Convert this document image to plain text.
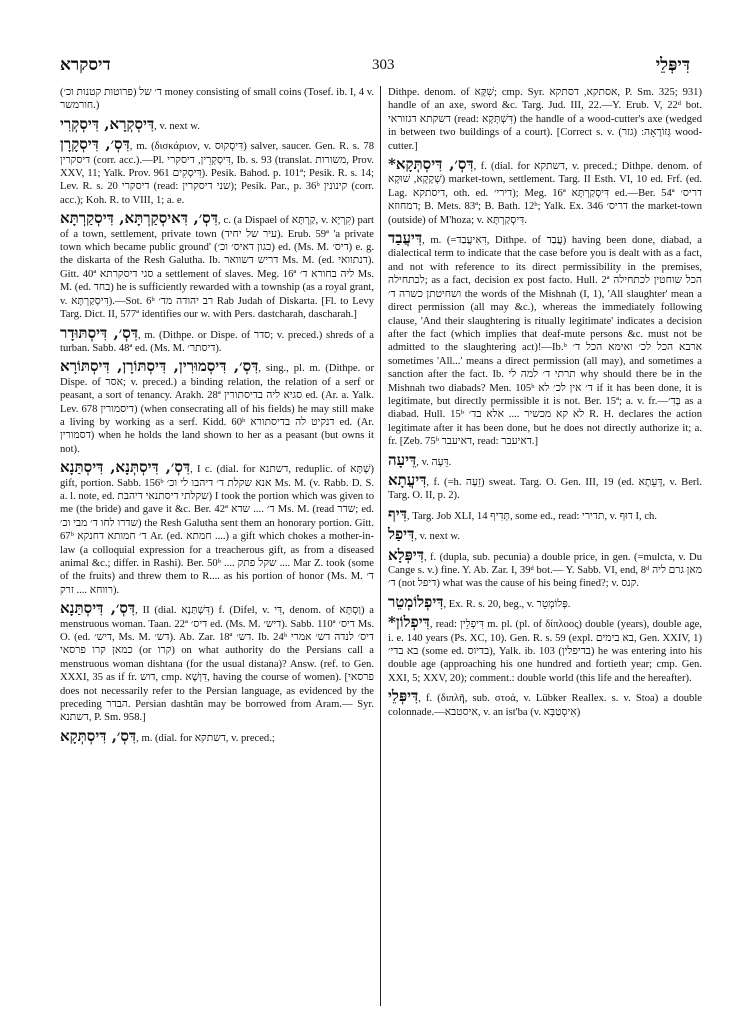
דיסקרא	303	דִּיפְּלֵי

ד׳ של (פרוטות קטנות וכ׳) money consisting of small coins (Tosef. ib. I, 4 v. חורמשר.)

דִּיסְקְרָא, דִּיסְקְרִי, v. next w.

דִּסְ׳, דִּיסְקָרָן, m. (δισκάριον, v. דִּיסְקוּס) salver, saucer. Gen. R. s. 78 דיסקרין (corr. acc.).—Pl. דִּיסְקְרֵין, דיסקרי, Ib. s. 93 (translat. משורות, Prov. XXV, 11; Yalk. Prov. 961 דִּיסְקִים). Pesik. Bahod. p. 101ª; Pesik. R. s. 14; Lev. R. s. 20 דיסקרי (read: שני דיסקרין); Pesik. Par., p. 36ᵇ קינונין (corr. acc.); Koh. R. to VIII, 1; a. e.

דִּסְ׳, דִּאיסְקַרְתָּא, דִּיסְקַרְתָּא, c. (a Dispael of קַרְתָּא, v. קִרְיָא) part of a town, settlement, private town (עיר של יחיד). Erub. 59ª 'a private town which became public ground' (כגון דאיס׳ וכ׳) ed. (Ms. M. דיס׳) e. g. the diskarta of the Resh Galutha. Ib. דריש דשוואר Ms. M. (ed. דנתוואי). Gitt. 40ª סגי דיסקרתא a settlement of slaves. Meg. 16ª ליה בחורא ד׳ Ms. M. (ed. בחד) he is sufficiently rewarded with a township (as a royal grant, v. דִּיסְקַרְתָּא).—Sot. 6ᵇ רב יהודה מד׳ Rab Judah of Diskarta. [Fl. to Levy Targ. Dict. II, 577ª identifies our w. with Pers. dastcharah, dascharah.]

דִּסְ׳, דִּיסְתּוּדָר, m. (Dithpe. or Dispe. of סדר; v. preced.) shreds of a turban. Sabb. 48ª ed. (Ms. M. דיסתר׳).

דִּסְ׳, דִּיסְמוּרִין, דִּיסְתּוֹרָן, דִּיסְתּוֹרָא, sing., pl. m. (Dithpe. or Dispe. of אסר; v. preced.) a binding relation, the relation of a serf or peasant, a sort of tenancy. Arakh. 28ª סגיא ליה בדיסתורין ed. (Ar. a. Yalk. Lev. 678 דיסמורין) (when consecrating all of his fields) he may still make a living by working as a serf. Kidd. 60ᵇ דנקיט לה בדיסתורא ed. (Ar. דסמורין) when he holds the land shown to her as a peasant (but owns it not).

דִּסְ׳, דִּיסְתְּנָא, דִּיסְתַּנָא, I c. (dial. for דשתנא, reduplic. of שְׁתָּא) gift, portion. Sabb. 156ᵇ אנא שקלת ד׳ דיהבו לי וכ׳ Ms. M. (v. Rabb. D. S. a. l. note, ed. שקלתי דיסתנאי דיהבת) I took the portion which was given to me (the bride) and gave it &c. Ber. 42ª ד׳ .... שדא Ms. M. (read שדר; ed. שדרו לחו ד׳ מבי וכ׳) the Resh Galutha sent them an honorary portion. Gitt. 67ᵇ ד׳ חמותא דחנקא Ar. (ed. חמתא ....) a gift which chokes a mother-in-law (a colloquial expression for a treacherous gift, as from a diseased animal &c.; differ. in Rashi). Ber. 50ᵇ .... שקל פתק .... Mar Z. took (some of the fruits) and threw them to R.... as his portion of honor (Ms. M. ד׳ רווחא .... זרק).

דִּסְ׳, דִּיסְתַּנָא, II (dial. דִּשְׁתַּנָא) f. (Difel, v. דִּי, denom. of וַסְתָּא) a menstruous woman. Taan. 22ª דיס׳ ed. (Ms. M. דיש׳). Sabb. 110ª דיס׳ Ms. O. (ed. דיש׳, Ms. M. דש׳). Ab. Zar. 18ª דש׳. Ib. 24ᵇ דיס׳ לנדה דש׳ אמרי כמאן קרו פרסאי (or קרו) on what authority do the Persians call a menstruous woman dishtana (for the usual distana)? Answ. (ref. to Gen. XXXI, 35 as if fr. דוש, cmp. דִּוְשָׁא, having the course of women). [פרסאי does not necessarily refer to the Persian language, as evidenced by the preceding הבדר. Persian dashtân may be borrowed from Aram.— Syr. דשתנא, P. Sm. 958.]

דִּסְ׳, דִּיסְתְּקָא, m. (dial. for דשתקא, v. preced.;

Dithpe. denom. of שִׁקָּא; cmp. Syr. אסתקא, דסתקא, P. Sm. 325; 931) handle of an axe, sword &c. Targ. Jud. III, 22.—Y. Erub. V, 22ᵈ bot. דשקתא דגזוראי (read: דִּשְׁתְּקָא) the handle of a wood-cutter's axe (wedged in between two buildings of a court). [Correct s. v. גְּזוֹרָאָה: (גזר) wood-cutter.]

*דִּסְ׳, דִּיסְתְּקָא, f. (dial. for דשתקא, v. preced.; Dithpe. denom. of שְׁקָקָא, שׁוּקָא) market-town, settlement. Targ. II Esth. VI, 10 ed. Frf. (ed. Lag. דיסתקא, oth. ed. דירי׳); Meg. 16ª דִּיסְקַרְתָּא ed.—Ber. 54ª דריס׳ דמחוזא; B. Mets. 83ª; B. Bath. 12ᵇ; Yalk. Ex. 346 דריס׳ the market-town (outside) of M'hoza; v. דִּיסְקַרְתָּא.

דִּיעֲבַד, m. (=דִּאִיעֲבַד, Dithpe. of עֲבַד) having been done, diabad, a dialectical term to indicate that the case before you is dealt with as a fact, and not with reference to its direct permissibility in the premises, לכתחילה; as a fact, decision ex post facto. Hull. 2ª הכל שוחטין לכתחילה ושחיטתן כשרה ד׳ the words of the Mishnah (I, 1), 'All slaughter' mean a direct permission (all may &c.), whereas the immediately following clause, 'And their slaughtering is ritually legitimate' indicates a decision after the fact (which implies that deaf-mute persons &c. must not be admitted to the slaughtering act)!—Ib.ᵇ ארבא הכל לכ׳ ואימא הכל ד׳ sometimes 'All...' means a direct permission (all may), and sometimes a sanction after the fact. Ib. תרתי ד׳ למה לי why should there be in the Mishnah two diabads? Men. 105ᵇ ד׳ אין לכ׳ לא if it has been done, it is legitimate, but directly permissible it is not. Ber. 15ª; a. v. fr.—בְּדִ׳ as a diabad. Hull. 15ᵇ לא קא מכשיר .... אלא בד׳ R. H. declares the action legitimate after it has been done, but he does not directly authorize it; a. fr. [Zeb. 75ᵇ דאיעבר, read: דאיעבר.]

דֵּיעָה, v. דֵּעָה.

דִּיעֲתָא, f. (=h. זֵעָה) sweat. Targ. O. Gen. III, 19 (ed. דְּעֵתָא, v. Berl. Targ. O. II, p. 2).

דִּיף, Targ. Job XLI, 14 תְּדִיף, some ed., read: תדירי, v. דוּף I, ch.

דִּיפַל, v. next w.

דִּיפְּלָא, f. (dupla, sub. pecunia) a double price, in gen. (=mulcta, v. Du Cange s. v.) fine. Y. Ab. Zar. I, 39ᵈ bot.— Y. Sabb. VI, end, 8ᵈ מאן גרם ליה ד׳ (not דיפל) what was the cause of his being fined?; v. קנס.

דִּיפְלוֹמְטֵר, Ex. R. s. 20, beg., v. פְּלוֹמְטֵר.

*דִּיפְלוֹן, read: דִּיפְלֵין m. pl. (pl. of δίπλοος) double (years), double age, i. e. 140 years (Ps. XC, 10). Gen. R. s. 59 (expl. בא בימים, Gen. XXIV, 1) בא בדי׳ (some ed. בדיוס), Yalk. ib. 103 (בדיפלין) he was entering into his double age (approaching his one hundred and fortieth year; cmp. Gen. XXI, 5; XXV, 20); comment.: double world (this life and the hereafter).

דִּיפְּלֵי, f. (διπλῆ, sub. στοά, v. Lübker Reallex. s. v. Stoa) a double colonnade.—איסטבא, v. an ist'ba (v. אִיסְטַבְּא)
